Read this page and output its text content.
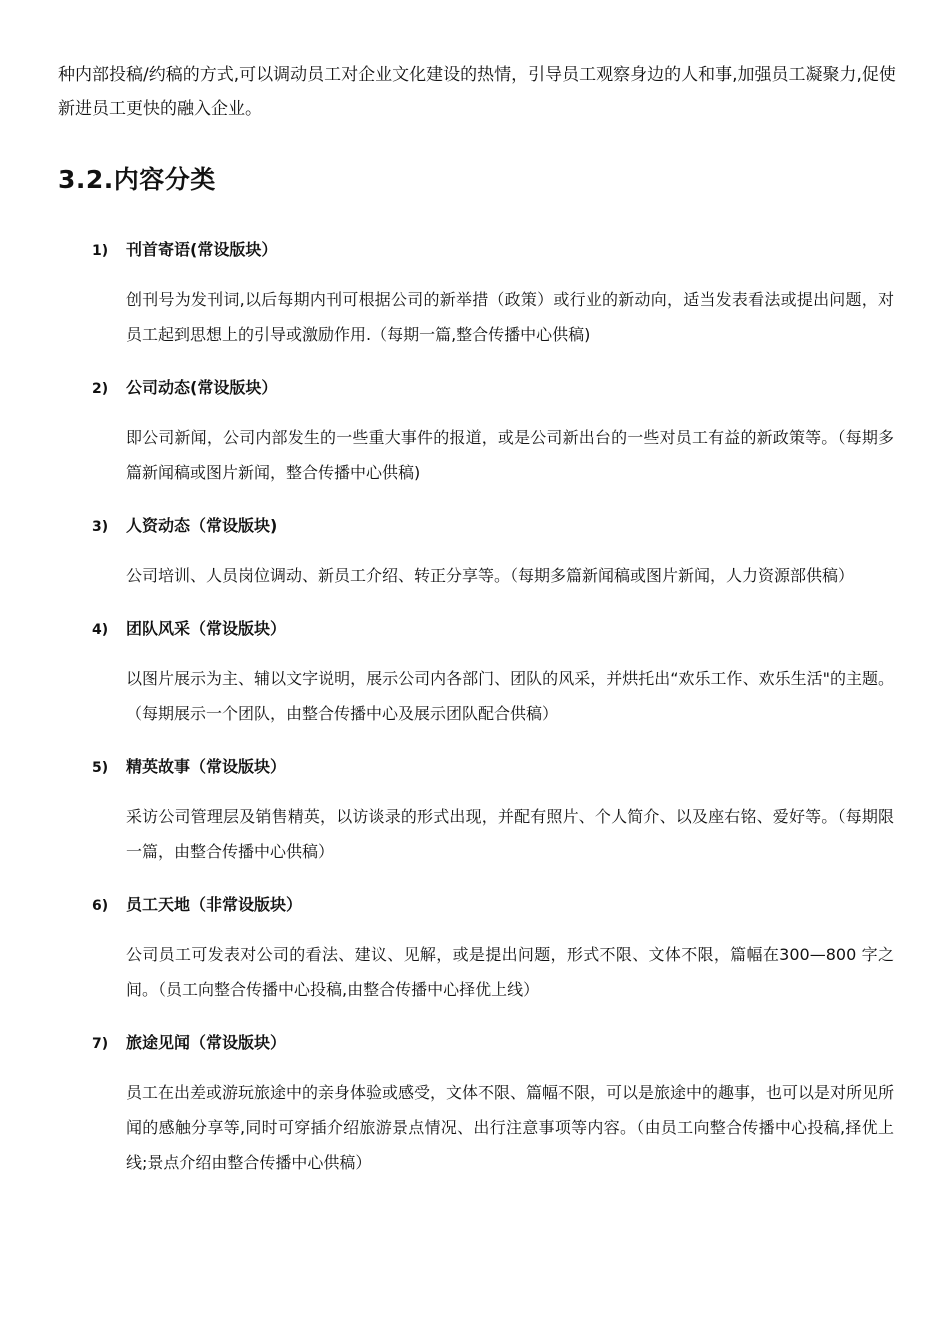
种内部投稿/约稿的方式,可以调动员工对企业文化建设的热情，引导员工观察身边的人和事,加强员工凝聚力,促使新进员工更快的融入企业。

3.2.内容分类
1) 刊首寄语(常设版块）
创刊号为发刊词,以后每期内刊可根据公司的新举措（政策）或行业的新动向，适当发表看法或提出问题，对员工起到思想上的引导或激励作用.（每期一篇,整合传播中心供稿)
2) 公司动态(常设版块）
即公司新闻，公司内部发生的一些重大事件的报道，或是公司新出台的一些对员工有益的新政策等。（每期多篇新闻稿或图片新闻，整合传播中心供稿)
3) 人资动态（常设版块)
公司培训、人员岗位调动、新员工介绍、转正分享等。（每期多篇新闻稿或图片新闻，人力资源部供稿）
4) 团队风采（常设版块）
以图片展示为主、辅以文字说明，展示公司内各部门、团队的风采，并烘托出“欢乐工作、欢乐生活"的主题。（每期展示一个团队，由整合传播中心及展示团队配合供稿）
5) 精英故事（常设版块）
采访公司管理层及销售精英，以访谈录的形式出现，并配有照片、个人简介、以及座右铭、爱好等。（每期限一篇，由整合传播中心供稿）
6) 员工天地（非常设版块）
公司员工可发表对公司的看法、建议、见解，或是提出问题，形式不限、文体不限，篇幅在300—800 字之间。（员工向整合传播中心投稿,由整合传播中心择优上线）
7) 旅途见闻（常设版块）
员工在出差或游玩旅途中的亲身体验或感受，文体不限、篇幅不限，可以是旅途中的趣事，也可以是对所见所闻的感触分享等,同时可穿插介绍旅游景点情况、出行注意事项等内容。（由员工向整合传播中心投稿,择优上线;景点介绍由整合传播中心供稿）
